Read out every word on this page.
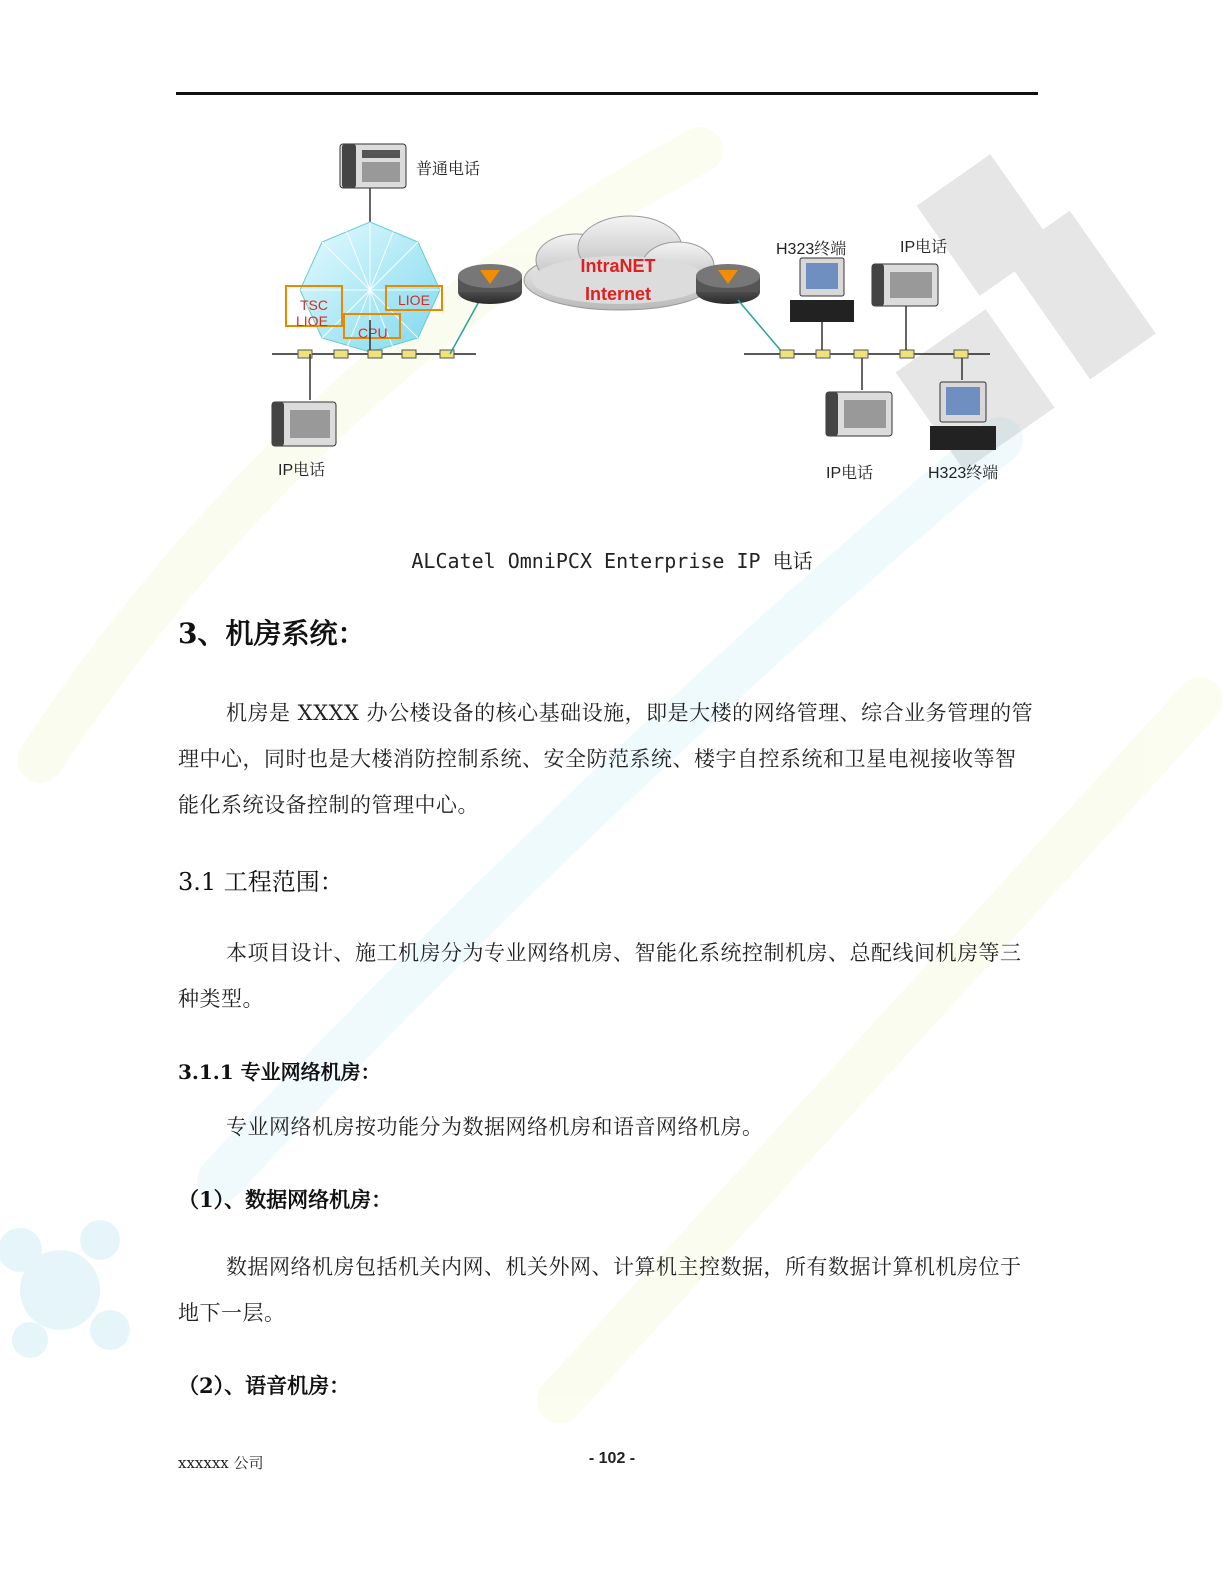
普通电话
TSC
LIOE
LIOE
CPU
IP电话
IntraNET
Internet
H323终端	IP电话
IP电话	H323终端
ALCatel OmniPCX Enterprise IP 电话
3、机房系统：
机房是 XXXX 办公楼设备的核心基础设施，即是大楼的网络管理、综合业务管理的管理中心，同时也是大楼消防控制系统、安全防范系统、楼宇自控系统和卫星电视接收等智能化系统设备控制的管理中心。
3.1 工程范围：
本项目设计、施工机房分为专业网络机房、智能化系统控制机房、总配线间机房等三种类型。
3.1.1 专业网络机房：
专业网络机房按功能分为数据网络机房和语音网络机房。
（1）、数据网络机房：
数据网络机房包括机关内网、机关外网、计算机主控数据，所有数据计算机机房位于地下一层。
（2）、语音机房：
xxxxxx 公司	- 102 -
